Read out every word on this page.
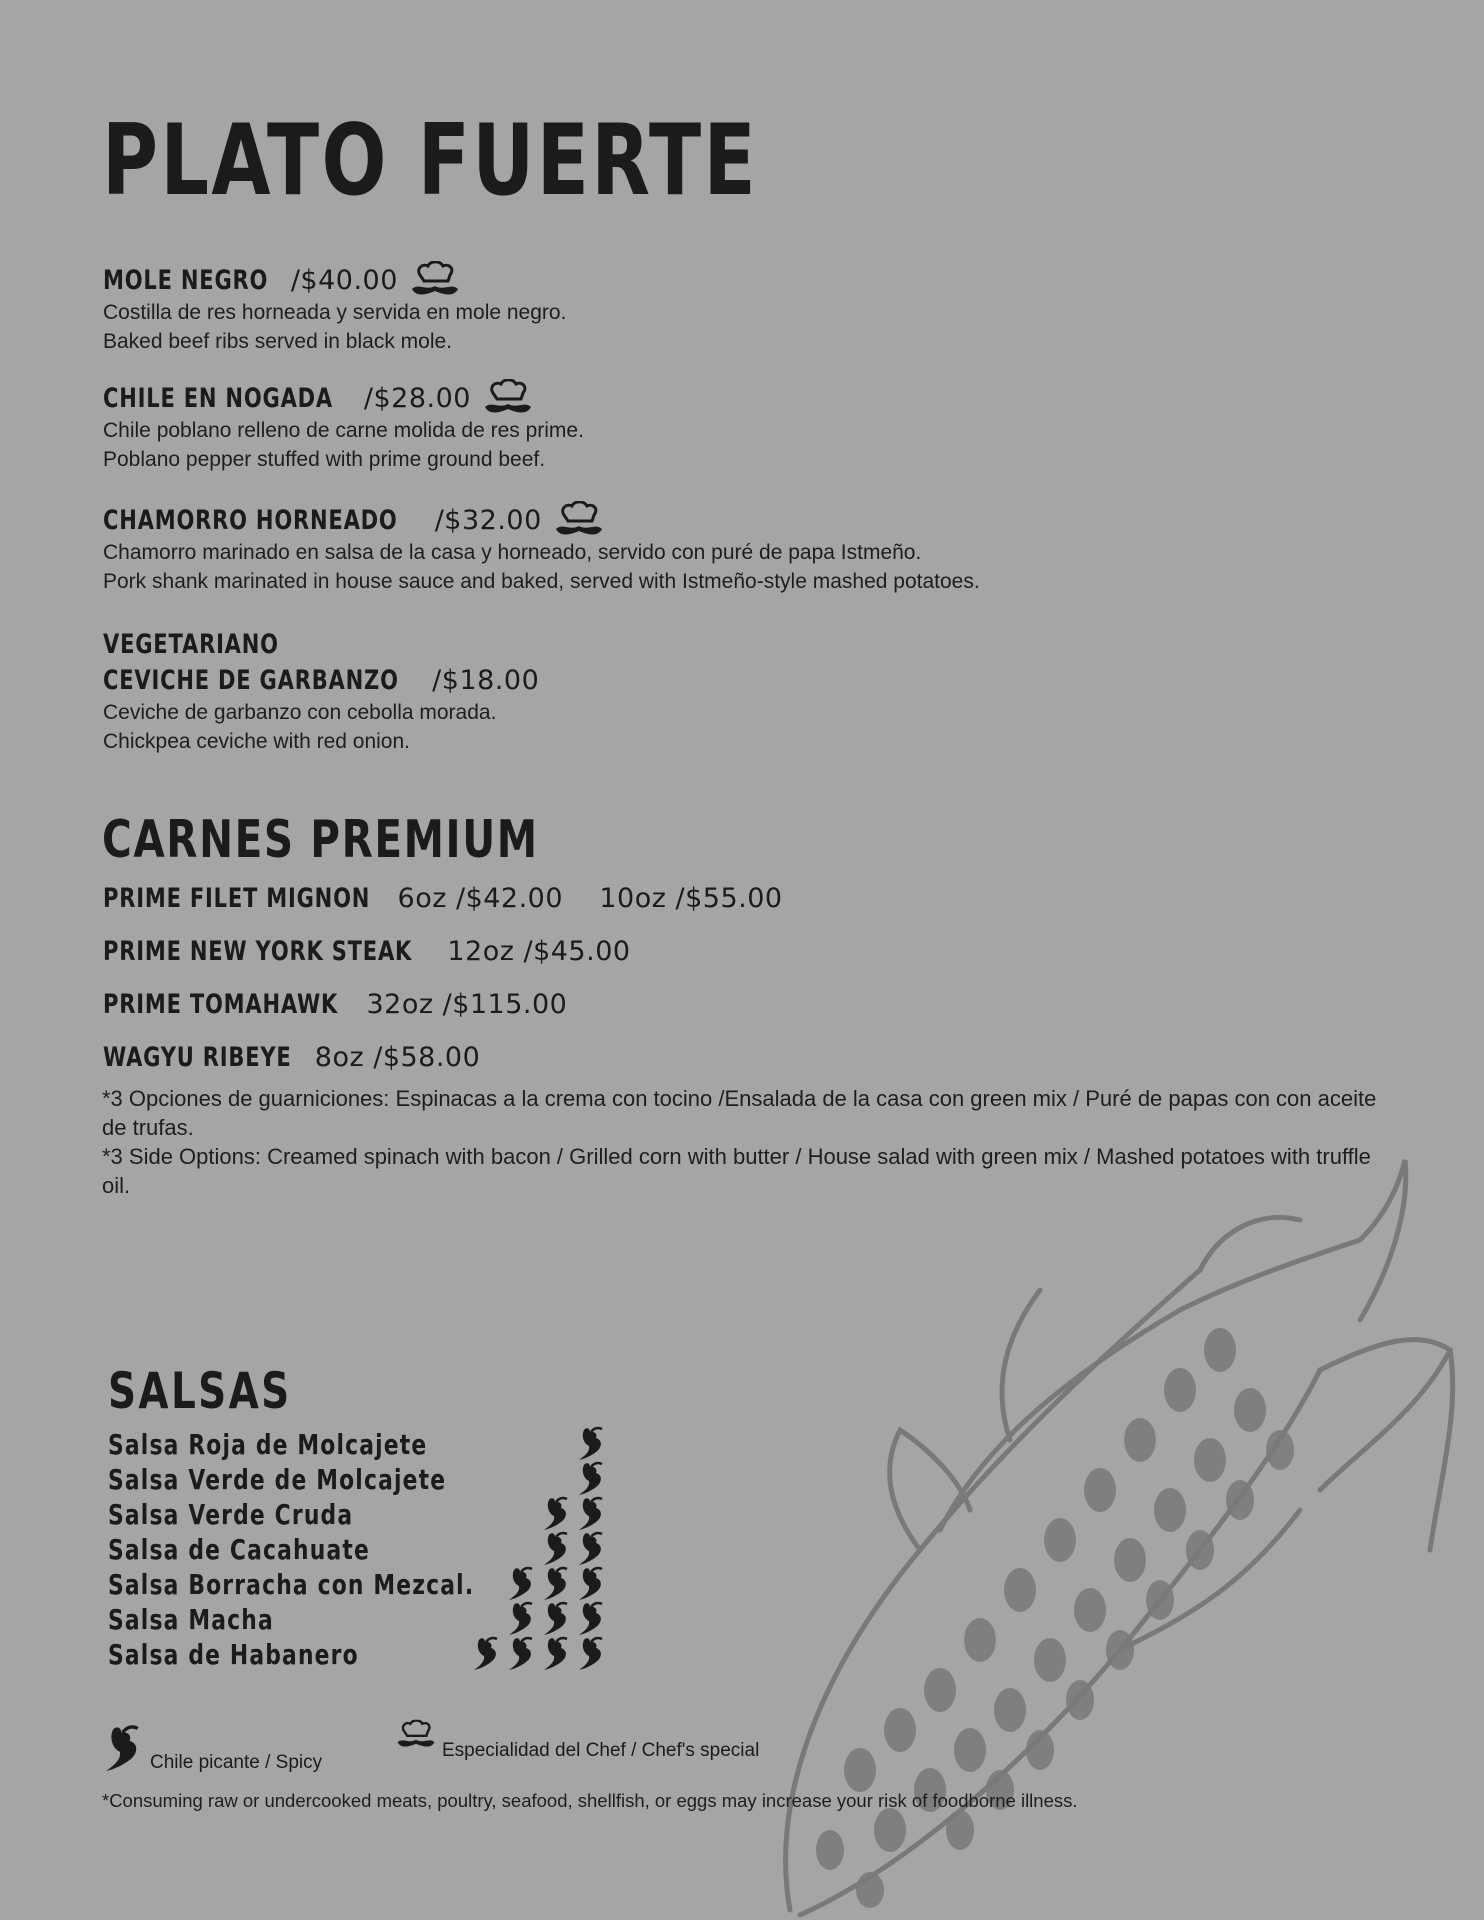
PLATO FUERTE
MOLE NEGRO /$40.00
Costilla de res horneada y servida en mole negro.
Baked beef ribs served in black mole.
CHILE EN NOGADA /$28.00
Chile poblano relleno de carne molida de res prime.
Poblano pepper stuffed with prime ground beef.
CHAMORRO HORNEADO /$32.00
Chamorro marinado en salsa de la casa y horneado, servido con puré de papa Istmeño.
Pork shank marinated in house sauce and baked, served with Istmeño-style mashed potatoes.
VEGETARIANO
CEVICHE DE GARBANZO /$18.00
Ceviche de garbanzo con cebolla morada.
Chickpea ceviche with red onion.
CARNES PREMIUM
PRIME FILET MIGNON 6oz /$42.00    10oz /$55.00
PRIME NEW YORK STEAK 12oz /$45.00
PRIME TOMAHAWK 32oz /$115.00
WAGYU RIBEYE 8oz /$58.00
*3 Opciones de guarniciones: Espinacas a la crema con tocino /Ensalada de la casa con green mix / Puré de papas con con aceite de trufas.
*3 Side Options: Creamed spinach with bacon / Grilled corn with butter / House salad with green mix / Mashed potatoes with truffle oil.
SALSAS
Salsa Roja de Molcajete
Salsa Verde de Molcajete
Salsa Verde Cruda
Salsa de Cacahuate
Salsa Borracha con Mezcal.
Salsa Macha
Salsa de Habanero
Chile picante / Spicy
Especialidad del Chef / Chef's special
*Consuming raw or undercooked meats, poultry, seafood, shellfish, or eggs may increase your risk of foodborne illness.
